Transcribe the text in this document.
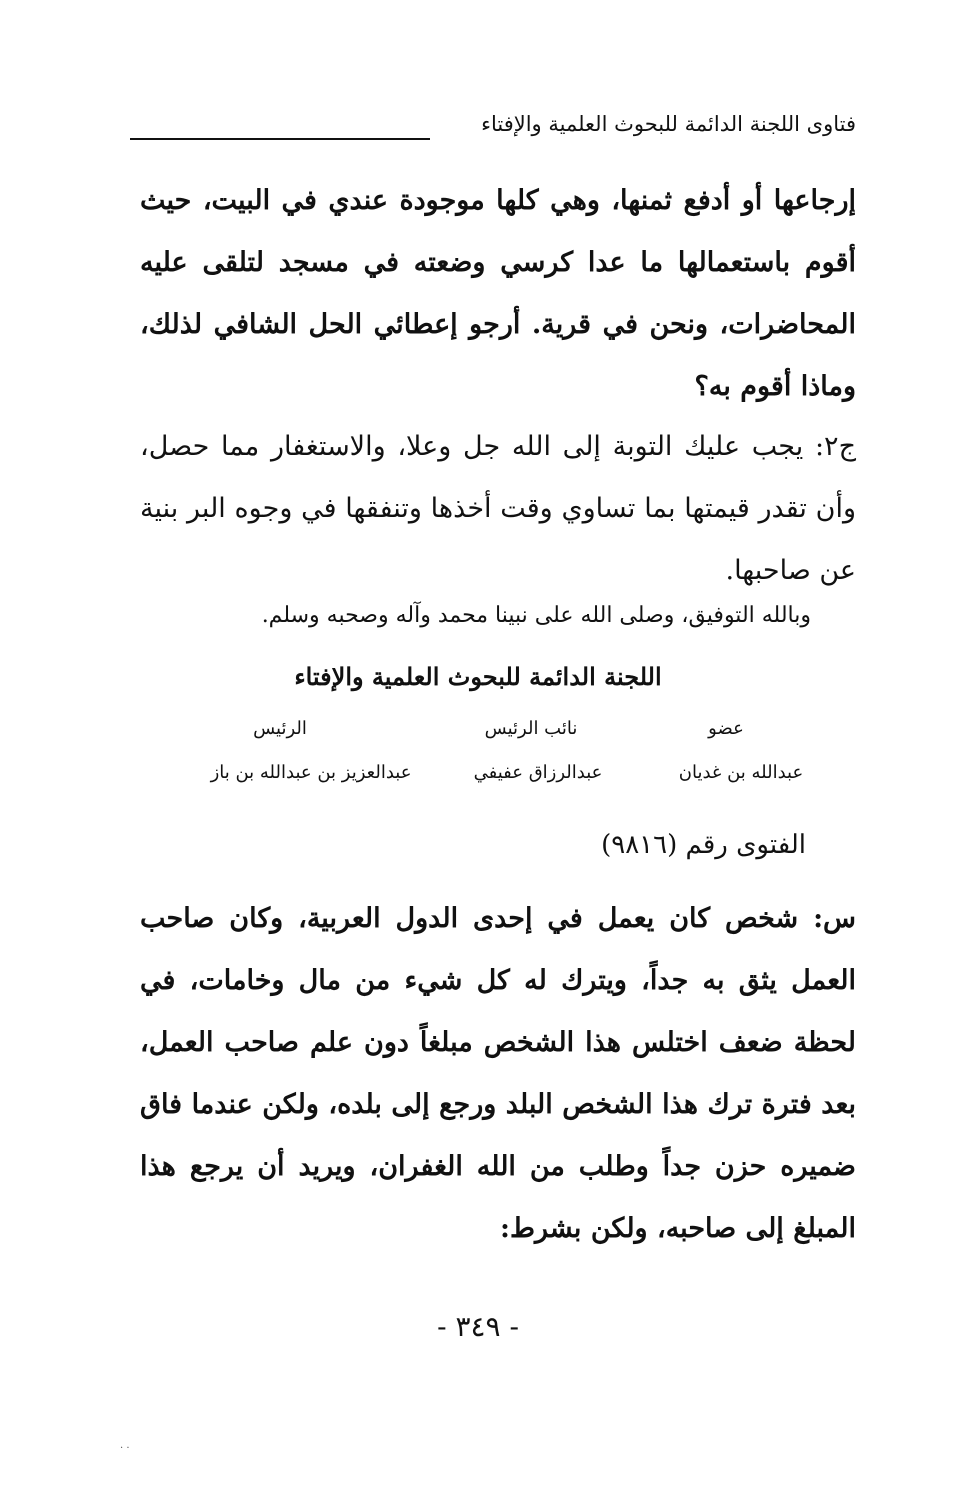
فتاوى اللجنة الدائمة للبحوث العلمية والإفتاء
إرجاعها أو أدفع ثمنها، وهي كلها موجودة عندي في البيت، حيث أقوم باستعمالها ما عدا كرسي وضعته في مسجد لتلقى عليه المحاضرات، ونحن في قرية. أرجو إعطائي الحل الشافي لذلك، وماذا أقوم به؟
ج٢: يجب عليك التوبة إلى الله جل وعلا، والاستغفار مما حصل، وأن تقدر قيمتها بما تساوي وقت أخذها وتنفقها في وجوه البر بنية عن صاحبها.
وبالله التوفيق، وصلى الله على نبينا محمد وآله وصحبه وسلم.
اللجنة الدائمة للبحوث العلمية والإفتاء
عضو
نائب الرئيس
الرئيس
عبدالله بن غديان
عبدالرزاق عفيفي
عبدالعزيز بن عبدالله بن باز
الفتوى رقم (٩٨١٦)
س: شخص كان يعمل في إحدى الدول العربية، وكان صاحب العمل يثق به جداً، ويترك له كل شيء من مال وخامات، في لحظة ضعف اختلس هذا الشخص مبلغاً دون علم صاحب العمل، بعد فترة ترك هذا الشخص البلد ورجع إلى بلده، ولكن عندما فاق ضميره حزن جداً وطلب من الله الغفران، ويريد أن يرجع هذا المبلغ إلى صاحبه، ولكن بشرط:
- ٣٤٩ -
. .
